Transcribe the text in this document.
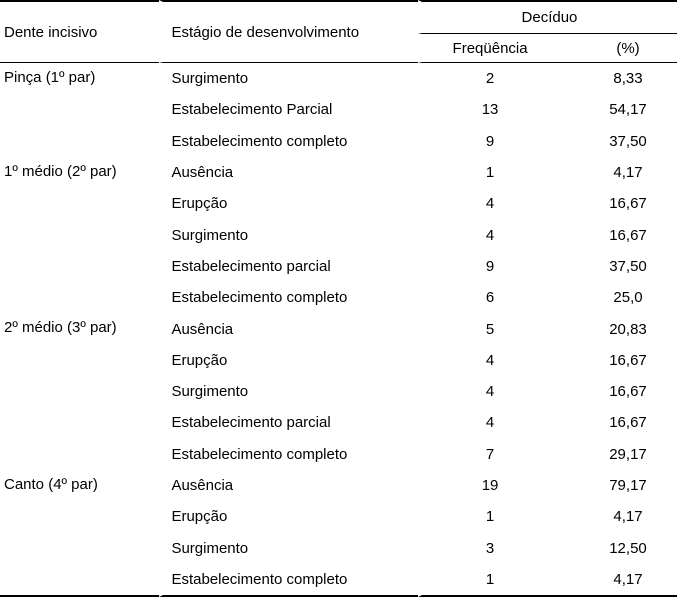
Dente incisivo	Estágio de desenvolvimento	Decíduo	
		Freqüência	(%)
Pinça (1º par)	Surgimento	2	8,33
	Estabelecimento Parcial	13	54,17
	Estabelecimento completo	9	37,50
1º médio (2º par)	Ausência	1	4,17
	Erupção	4	16,67
	Surgimento	4	16,67
	Estabelecimento parcial	9	37,50
	Estabelecimento completo	6	25,0
2º médio (3º par)	Ausência	5	20,83
	Erupção	4	16,67
	Surgimento	4	16,67
	Estabelecimento parcial	4	16,67
	Estabelecimento completo	7	29,17
Canto (4º par)	Ausência	19	79,17
	Erupção	1	4,17
	Surgimento	3	12,50
	Estabelecimento completo	1	4,17
